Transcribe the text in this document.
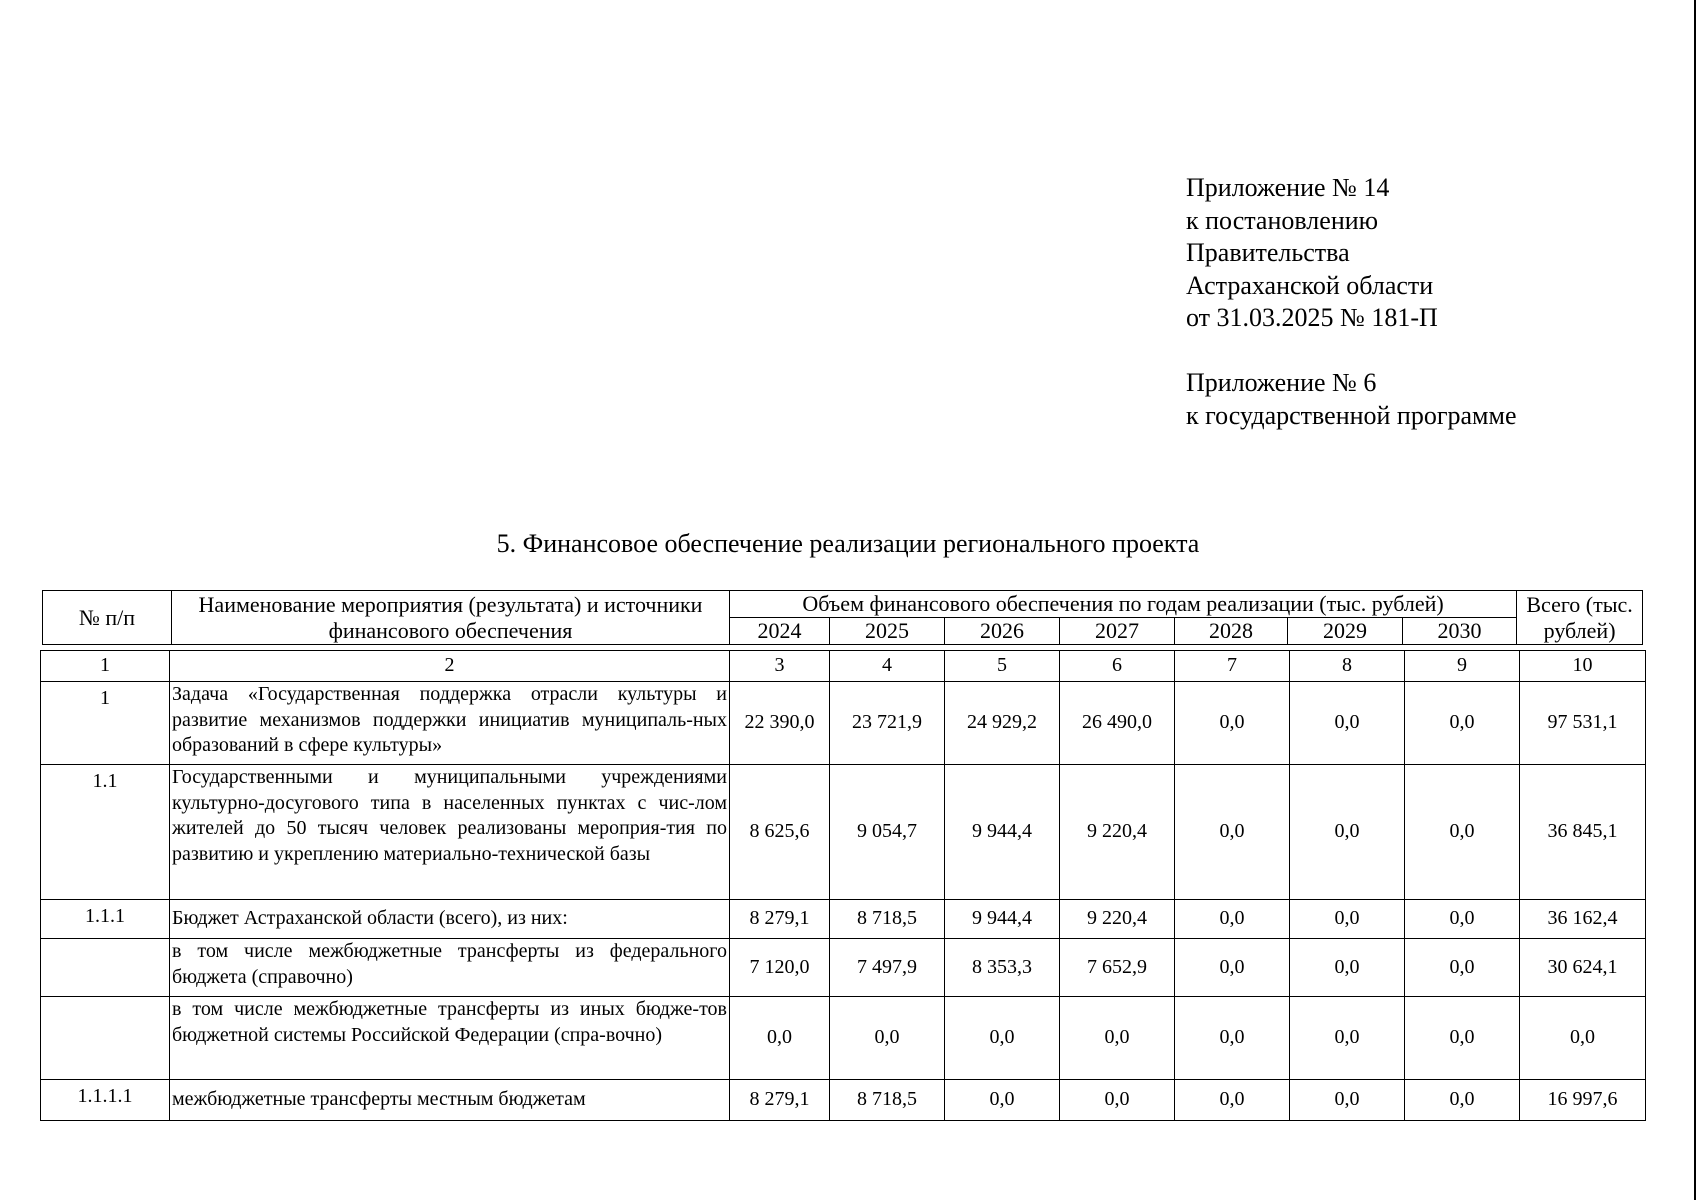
Приложение № 14
к постановлению
Правительства
Астраханской области
от 31.03.2025 № 181-П
Приложение № 6
к государственной программе
5. Финансовое обеспечение реализации регионального проекта
№ п/п	Наименование мероприятия (результата) и источники финансового обеспечения	Объем финансового обеспечения по годам реализации (тыс. рублей)							Всего (тыс. рублей)
		2024	2025	2026	2027	2028	2029	2030	
1	2	3	4	5	6	7	8	9	10
1	Задача «Государственная поддержка отрасли культуры и развитие механизмов поддержки инициатив муниципаль-ных образований в сфере культуры»	22 390,0	23 721,9	24 929,2	26 490,0	0,0	0,0	0,0	97 531,1
1.1	Государственными и муниципальными учреждениями культурно-досугового типа в населенных пунктах с чис-лом жителей до 50 тысяч человек реализованы мероприя-тия по развитию и укреплению материально-технической базы	8 625,6	9 054,7	9 944,4	9 220,4	0,0	0,0	0,0	36 845,1
1.1.1	Бюджет Астраханской области (всего), из них:	8 279,1	8 718,5	9 944,4	9 220,4	0,0	0,0	0,0	36 162,4
	в том числе межбюджетные трансферты из федерального бюджета (справочно)	7 120,0	7 497,9	8 353,3	7 652,9	0,0	0,0	0,0	30 624,1
	в том числе межбюджетные трансферты из иных бюдже-тов бюджетной системы Российской Федерации (спра-вочно)	0,0	0,0	0,0	0,0	0,0	0,0	0,0	0,0
1.1.1.1	межбюджетные трансферты местным бюджетам	8 279,1	8 718,5	0,0	0,0	0,0	0,0	0,0	16 997,6
